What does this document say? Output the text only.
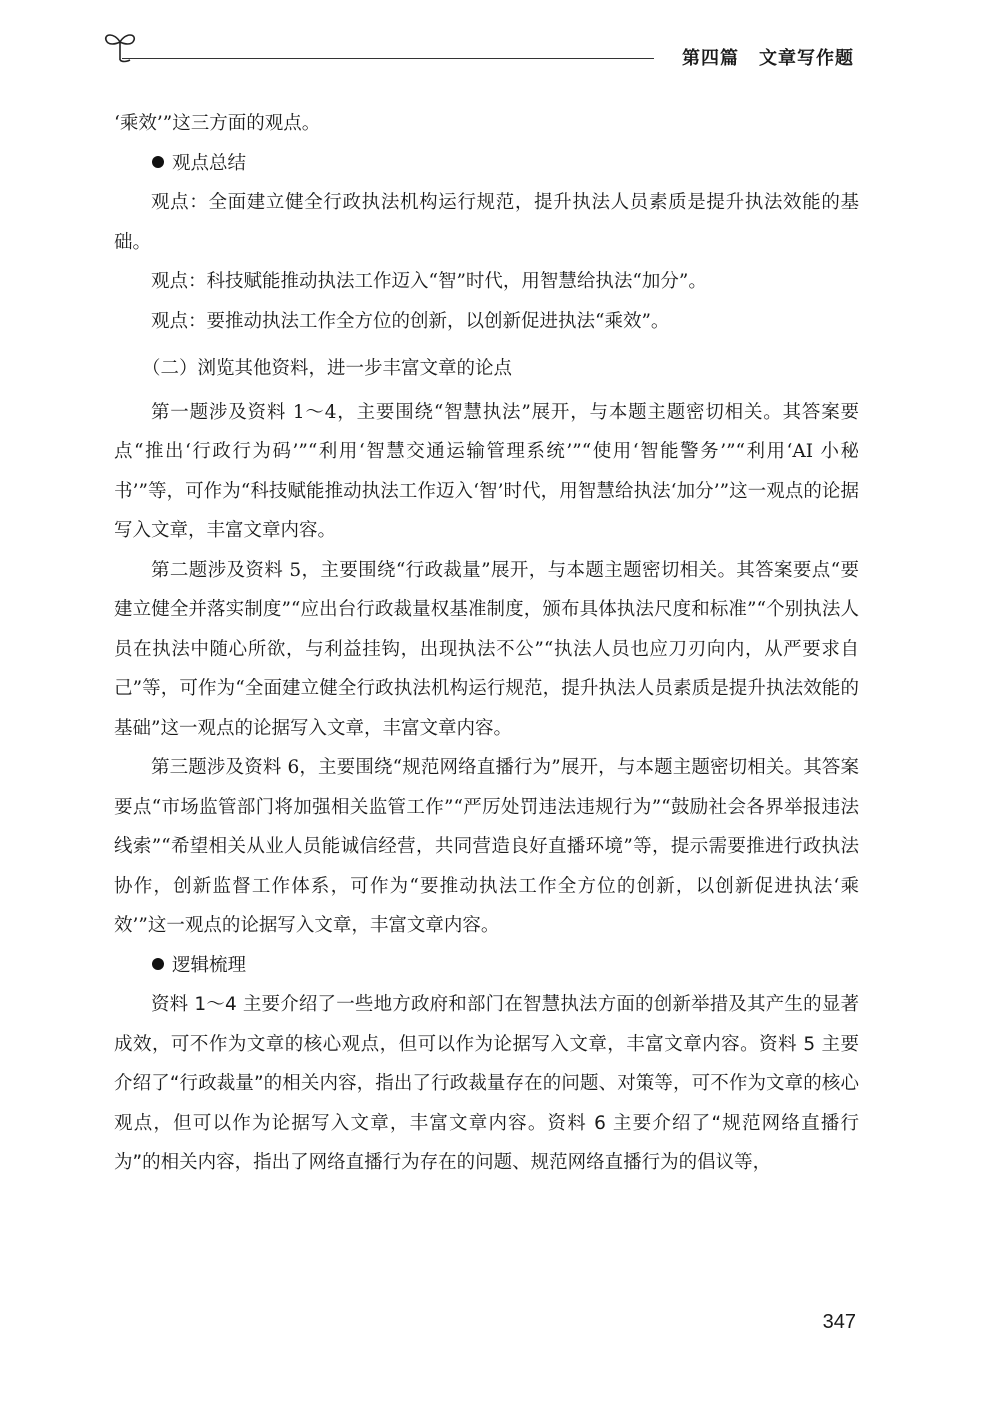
第四篇 文章写作题

‘乘效’”这三方面的观点。

观点总结

观点：全面建立健全行政执法机构运行规范，提升执法人员素质是提升执法效能的基础。

观点：科技赋能推动执法工作迈入“智”时代，用智慧给执法“加分”。

观点：要推动执法工作全方位的创新，以创新促进执法“乘效”。

（二）浏览其他资料，进一步丰富文章的论点

第一题涉及资料 1～4，主要围绕“智慧执法”展开，与本题主题密切相关。其答案要点“推出‘行政行为码’”“利用‘智慧交通运输管理系统’”“使用‘智能警务’”“利用‘AI 小秘书’”等，可作为“科技赋能推动执法工作迈入‘智’时代，用智慧给执法‘加分’”这一观点的论据写入文章，丰富文章内容。

第二题涉及资料 5，主要围绕“行政裁量”展开，与本题主题密切相关。其答案要点“要建立健全并落实制度”“应出台行政裁量权基准制度，颁布具体执法尺度和标准”“个别执法人员在执法中随心所欲，与利益挂钩，出现执法不公”“执法人员也应刀刃向内，从严要求自己”等，可作为“全面建立健全行政执法机构运行规范，提升执法人员素质是提升执法效能的基础”这一观点的论据写入文章，丰富文章内容。

第三题涉及资料 6，主要围绕“规范网络直播行为”展开，与本题主题密切相关。其答案要点“市场监管部门将加强相关监管工作”“严厉处罚违法违规行为”“鼓励社会各界举报违法线索”“希望相关从业人员能诚信经营，共同营造良好直播环境”等，提示需要推进行政执法协作，创新监督工作体系，可作为“要推动执法工作全方位的创新，以创新促进执法‘乘效’”这一观点的论据写入文章，丰富文章内容。

逻辑梳理

资料 1～4 主要介绍了一些地方政府和部门在智慧执法方面的创新举措及其产生的显著成效，可不作为文章的核心观点，但可以作为论据写入文章，丰富文章内容。资料 5 主要介绍了“行政裁量”的相关内容，指出了行政裁量存在的问题、对策等，可不作为文章的核心观点，但可以作为论据写入文章，丰富文章内容。资料 6 主要介绍了“规范网络直播行为”的相关内容，指出了网络直播行为存在的问题、规范网络直播行为的倡议等，

347
